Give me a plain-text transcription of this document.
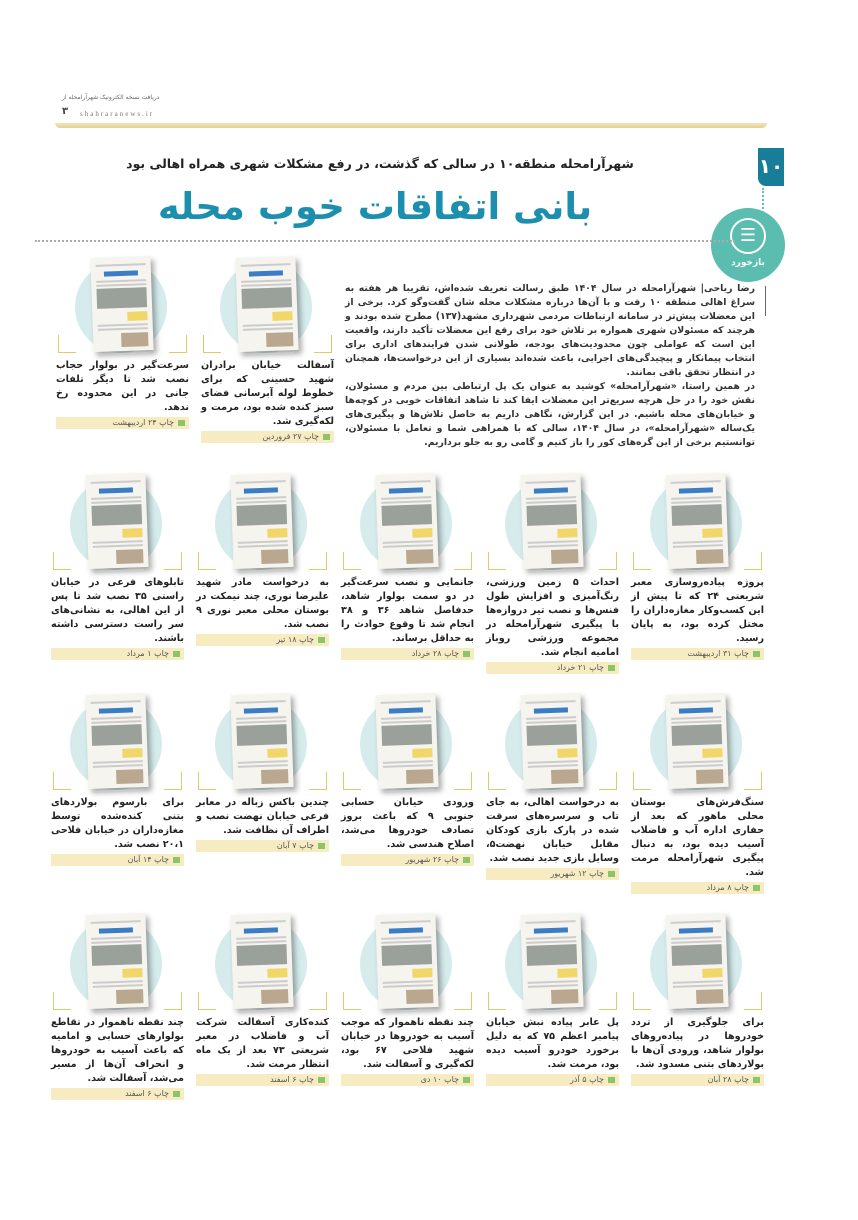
دریافت نسخه الکترونیک شهرآرامحله از
۳ shahraranews.ir
۱۰
☰
بازخورد
شهرآرامحله منطقه۱۰ در سالی که گذشت، در رفع مشکلات شهری همراه اهالی بود
بانی اتفاقات خوب محله

رضا ریاحی| شهرآرامحله در سال ۱۴۰۴ طبق رسالت تعریف شده‌اش، تقریبا هر هفته به سراغ اهالی منطقه ۱۰ رفت و با آن‌ها درباره مشکلات محله شان گفت‌وگو کرد. برخی از این معضلات پیش‌تر در سامانه ارتباطات مردمی شهرداری مشهد(۱۳۷) مطرح شده بودند و هرچند که مسئولان شهری همواره بر تلاش خود برای رفع این معضلات تأکید دارند، واقعیت این است که عواملی چون محدودیت‌های بودجه، طولانی شدن فرایندهای اداری برای انتخاب پیمانکار و پیچیدگی‌های اجرایی، باعث شده‌اند بسیاری از این درخواست‌ها، همچنان در انتظار تحقق باقی بمانند.

در همین راستا، «شهرآرامحله» کوشید به عنوان یک پل ارتباطی بین مردم و مسئولان، نقش خود را در حل هرچه سریع‌تر این معضلات ایفا کند تا شاهد اتفاقات خوبی در کوچه‌ها و خیابان‌های محله باشیم. در این گزارش، نگاهی داریم به حاصل تلاش‌ها و پیگیری‌های یک‌ساله «شهرآرامحله»، در سال ۱۴۰۴، سالی که با همراهی شما و تعامل با مسئولان، توانستیم برخی از این گره‌های کور را باز کنیم و گامی رو به جلو برداریم.

آسفالت خیابان برادران شهید حسینی که برای خطوط لوله آبرسانی فضای سبز کنده شده بود، مرمت و لکه‌گیری شد.
چاپ ۲۷ فروردین
سرعت‌گیر در بولوار حجاب نصب شد تا دیگر تلفات جانی در این محدوده رخ ندهد.
چاپ ۲۴ اردیبهشت
پروژه پیاده‌روسازی معبر شریعتی ۲۴ که تا پیش از این کسب‌وکار مغازه‌داران را مختل کرده بود، به پایان رسید.
چاپ ۳۱ اردیبهشت
احداث ۵ زمین ورزشی، رنگ‌آمیزی و افزایش طول فنس‌ها و نصب تیر دروازه‌ها با پیگیری شهرآرامحله در مجموعه ورزشی روباز امامیه انجام شد.
چاپ ۲۱ خرداد
جانمایی و نصب سرعت‌گیر در دو سمت بولوار شاهد، حدفاصل شاهد ۳۶ و ۳۸ انجام شد تا وقوع حوادث را به حداقل برساند.
چاپ ۲۸ خرداد
به درخواست مادر شهید علیرضا نوری، چند نیمکت در بوستان محلی معبر نوری ۹ نصب شد.
چاپ ۱۸ تیر
تابلوهای فرعی در خیابان راستی ۳۵ نصب شد تا پس از این اهالی، به نشانی‌های سر راست دسترسی داشته باشند.
چاپ ۱ مرداد
سنگ‌فرش‌های بوستان محلی ماهور که بعد از حفاری اداره آب و فاضلاب آسیب دیده بود، به دنبال پیگیری شهرآرامحله مرمت شد.
چاپ ۸ مرداد
به درخواست اهالی، به جای تاب و سرسره‌های سرقت شده در پارک بازی کودکان مقابل خیابان نهضت۵، وسایل بازی جدید نصب شد.
چاپ ۱۲ شهریور
ورودی خیابان حسابی جنوبی ۹ که باعث بروز تصادف خودروها می‌شد، اصلاح هندسی شد.
چاپ ۲۶ شهریور
چندین باکس زباله در معابر فرعی خیابان نهضت نصب و اطراف آن نظافت شد.
چاپ ۷ آبان
برای بارسوم بولاردهای بتنی کنده‌شده توسط مغازه‌داران در خیابان فلاحی ۲۰،۱ نصب شد.
چاپ ۱۴ آبان
برای جلوگیری از تردد خودروها در پیاده‌روهای بولوار شاهد، ورودی آن‌ها با بولاردهای بتنی مسدود شد.
چاپ ۲۸ آبان
پل عابر پیاده نبش خیابان پیامبر اعظم ۷۵ که به دلیل برخورد خودرو آسیب دیده بود، مرمت شد.
چاپ ۵ آذر
چند نقطه ناهموار که موجب آسیب به خودروها در خیابان شهید فلاحی ۶۷ بود، لکه‌گیری و آسفالت شد.
چاپ ۱۰ دی
کنده‌کاری آسفالت شرکت آب و فاضلاب در معبر شریعتی ۷۳ بعد از یک ماه انتظار مرمت شد.
چاپ ۶ اسفند
چند نقطه ناهموار در تقاطع بولوارهای حسابی و امامیه که باعث آسیب به خودروها و انحراف آن‌ها از مسیر می‌شد، آسفالت شد.
چاپ ۶ اسفند
